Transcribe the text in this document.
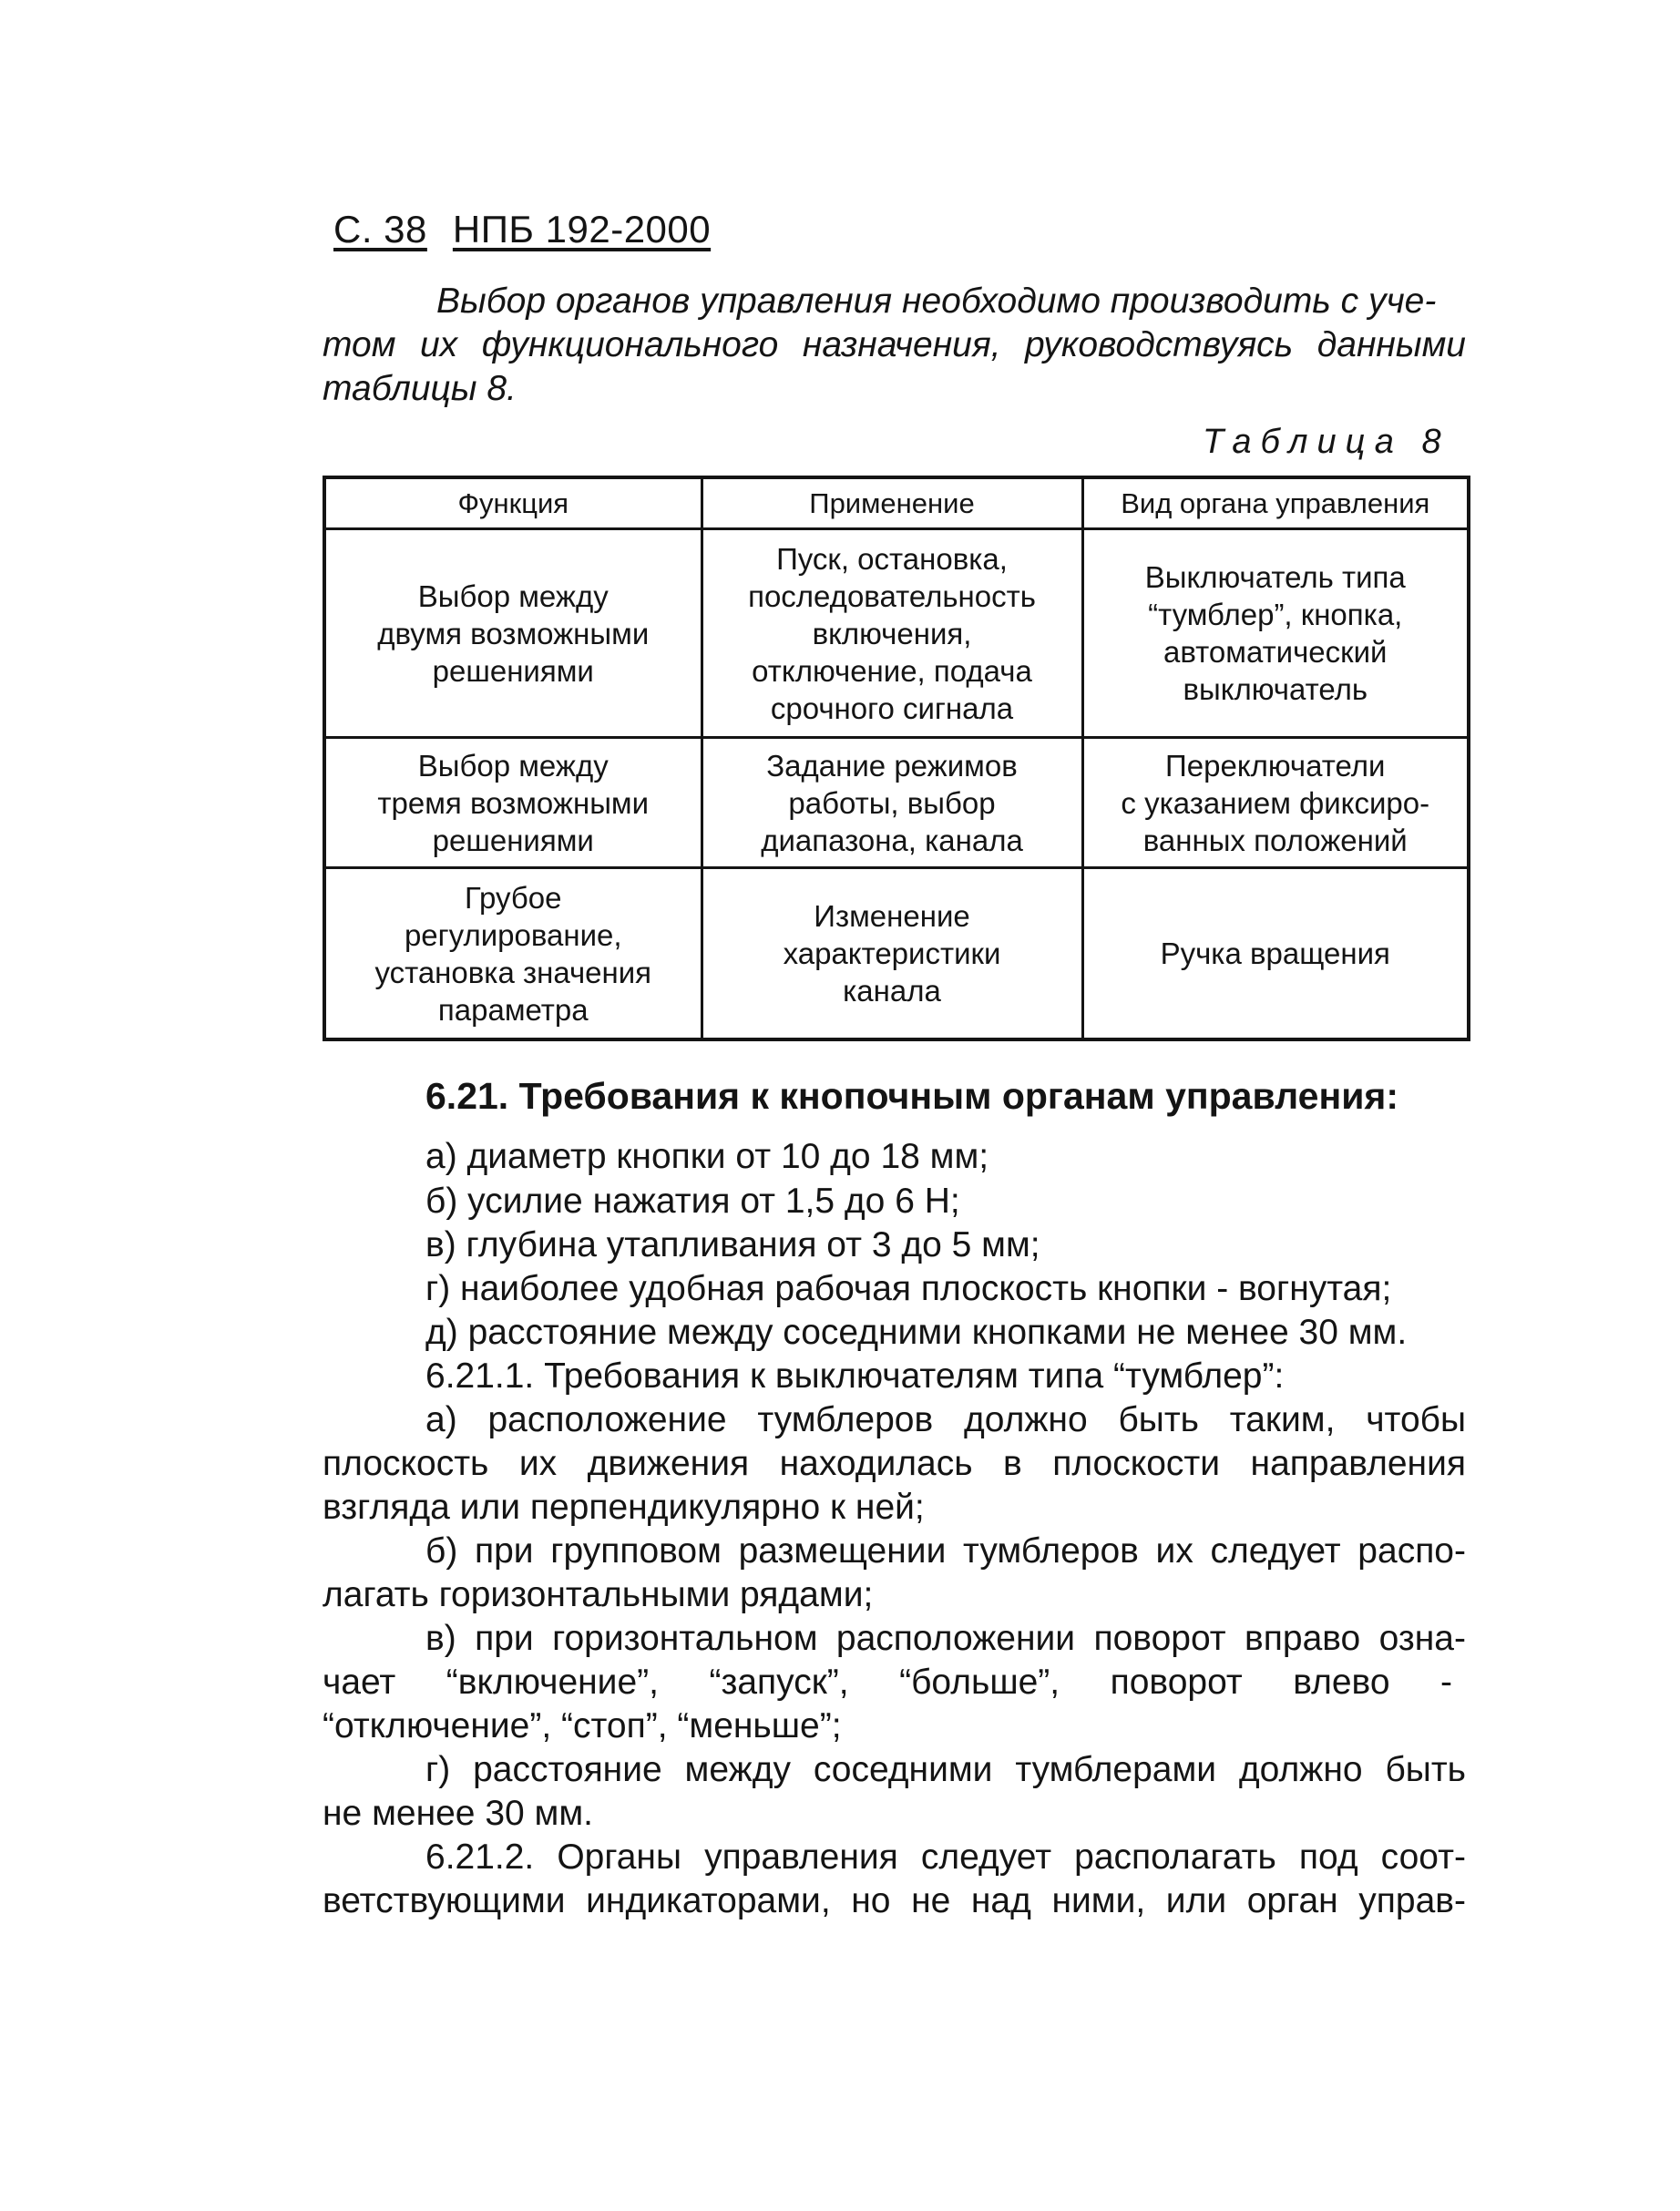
С. 38 НПБ 192-2000
Выбор органов управления необходимо производить с уче-
том их функционального назначения, руководствуясь данными
таблицы 8.
Таблица 8
Функция	Применение	Вид органа управления

Выбор между
двумя возможными
решениями	Пуск, остановка,
последовательность
включения,
отключение, подача
срочного сигнала	Выключатель типа
“тумблер”, кнопка,
автоматический
выключатель

Выбор между
тремя возможными
решениями	Задание режимов
работы, выбор
диапазона, канала	Переключатели
с указанием фиксиро-
ванных положений

Грубое
регулирование,
установка значения
параметра	Изменение
характеристики
канала	Ручка вращения
6.21. Требования к кнопочным органам управления:
а) диаметр кнопки от 10 до 18 мм;
б) усилие нажатия от 1,5 до 6 Н;
в) глубина утапливания от 3 до 5 мм;
г) наиболее удобная рабочая плоскость кнопки - вогнутая;
д) расстояние между соседними кнопками не менее 30 мм.
6.21.1. Требования к выключателям типа “тумблер”:
а) расположение тумблеров должно быть таким, чтобы
плоскость их движения находилась в плоскости направления
взгляда или перпендикулярно к ней;
б) при групповом размещении тумблеров их следует распо-
лагать горизонтальными рядами;
в) при горизонтальном расположении поворот вправо озна-
чает “включение”, “запуск”, “больше”, поворот влево -
“отключение”, “стоп”, “меньше”;
г) расстояние между соседними тумблерами должно быть
не менее 30 мм.
6.21.2. Органы управления следует располагать под соот-
ветствующими индикаторами, но не над ними, или орган управ-
